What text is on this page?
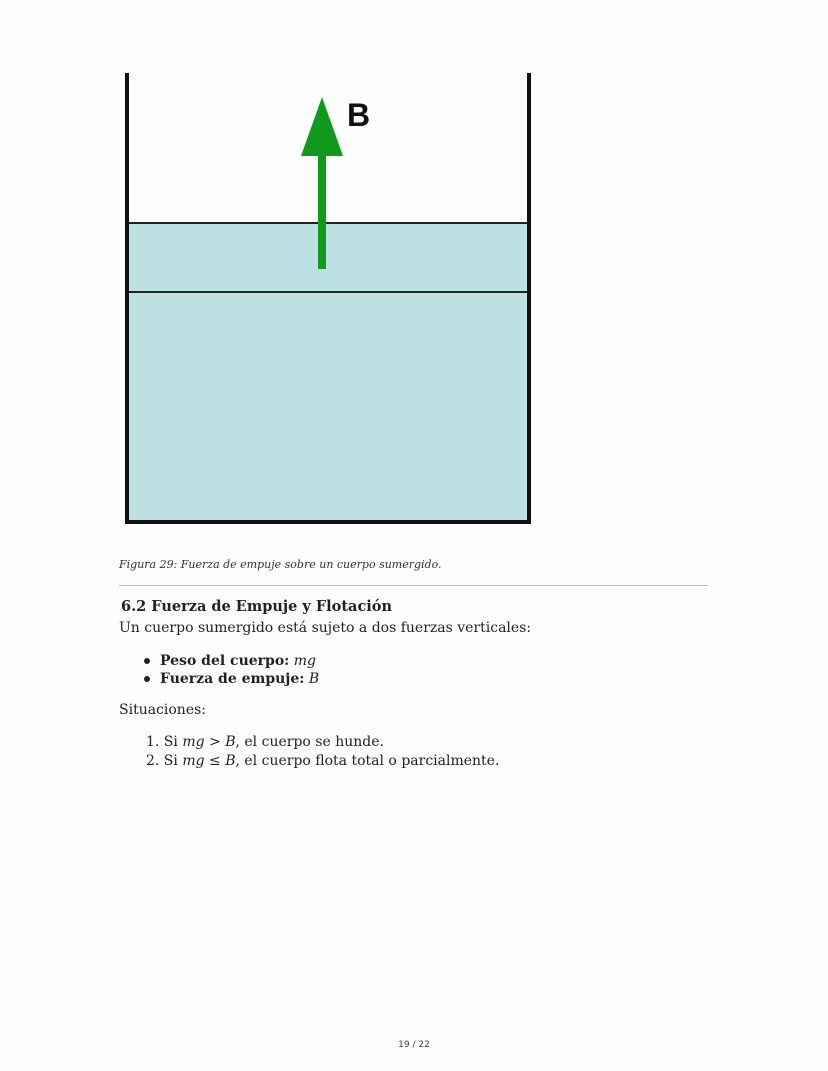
B
Figura 29: Fuerza de empuje sobre un cuerpo sumergido.
6.2 Fuerza de Empuje y Flotación
Un cuerpo sumergido está sujeto a dos fuerzas verticales:
Peso del cuerpo: mg
Fuerza de empuje: B
Situaciones:
1. Si mg > B, el cuerpo se hunde.
2. Si mg ≤ B, el cuerpo flota total o parcialmente.
19 / 22
